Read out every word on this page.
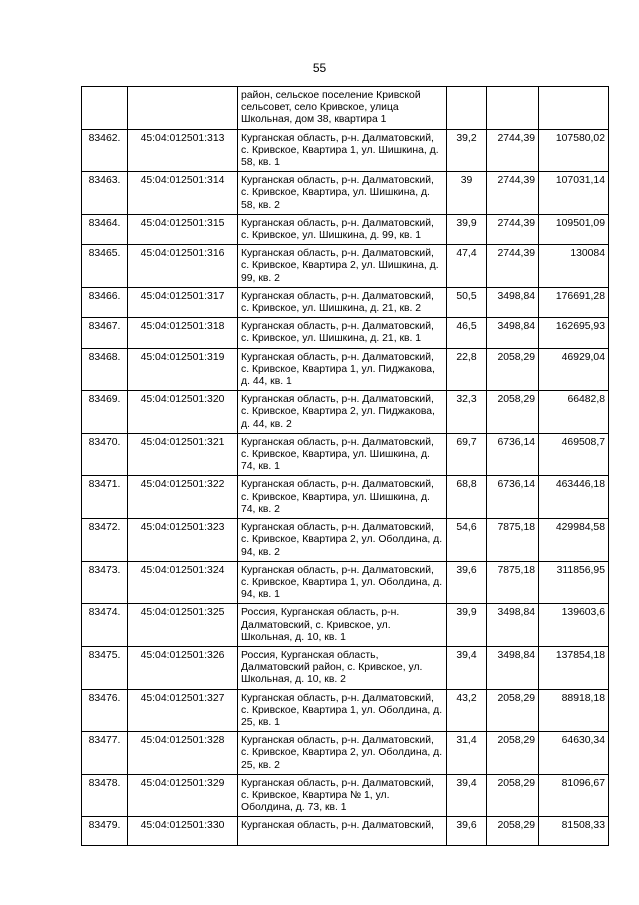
55
		район, сельское поселение Кривской сельсовет, село Кривское, улица Школьная, дом 38, квартира 1			
83462.	45:04:012501:313	Курганская область, р-н. Далматовский, с. Кривское, Квартира 1, ул. Шишкина, д. 58, кв. 1	39,2	2744,39	107580,02
83463.	45:04:012501:314	Курганская область, р-н. Далматовский, с. Кривское, Квартира, ул. Шишкина, д. 58, кв. 2	39	2744,39	107031,14
83464.	45:04:012501:315	Курганская область, р-н. Далматовский, с. Кривское, ул. Шишкина, д. 99, кв. 1	39,9	2744,39	109501,09
83465.	45:04:012501:316	Курганская область, р-н. Далматовский, с. Кривское, Квартира 2, ул. Шишкина, д. 99, кв. 2	47,4	2744,39	130084
83466.	45:04:012501:317	Курганская область, р-н. Далматовский, с. Кривское, ул. Шишкина, д. 21, кв. 2	50,5	3498,84	176691,28
83467.	45:04:012501:318	Курганская область, р-н. Далматовский, с. Кривское, ул. Шишкина, д. 21, кв. 1	46,5	3498,84	162695,93
83468.	45:04:012501:319	Курганская область, р-н. Далматовский, с. Кривское, Квартира 1, ул. Пиджакова, д. 44, кв. 1	22,8	2058,29	46929,04
83469.	45:04:012501:320	Курганская область, р-н. Далматовский, с. Кривское, Квартира 2, ул. Пиджакова, д. 44, кв. 2	32,3	2058,29	66482,8
83470.	45:04:012501:321	Курганская область, р-н. Далматовский, с. Кривское, Квартира, ул. Шишкина, д. 74, кв. 1	69,7	6736,14	469508,7
83471.	45:04:012501:322	Курганская область, р-н. Далматовский, с. Кривское, Квартира, ул. Шишкина, д. 74, кв. 2	68,8	6736,14	463446,18
83472.	45:04:012501:323	Курганская область, р-н. Далматовский, с. Кривское, Квартира 2, ул. Оболдина, д. 94, кв. 2	54,6	7875,18	429984,58
83473.	45:04:012501:324	Курганская область, р-н. Далматовский, с. Кривское, Квартира 1, ул. Оболдина, д. 94, кв. 1	39,6	7875,18	311856,95
83474.	45:04:012501:325	Россия, Курганская область, р-н. Далматовский, с. Кривское, ул. Школьная, д. 10, кв. 1	39,9	3498,84	139603,6
83475.	45:04:012501:326	Россия, Курганская область, Далматовский район, с. Кривское, ул. Школьная, д. 10, кв. 2	39,4	3498,84	137854,18
83476.	45:04:012501:327	Курганская область, р-н. Далматовский, с. Кривское, Квартира 1, ул. Оболдина, д. 25, кв. 1	43,2	2058,29	88918,18
83477.	45:04:012501:328	Курганская область, р-н. Далматовский, с. Кривское, Квартира 2, ул. Оболдина, д. 25, кв. 2	31,4	2058,29	64630,34
83478.	45:04:012501:329	Курганская область, р-н. Далматовский, с. Кривское, Квартира № 1, ул. Оболдина, д. 73, кв. 1	39,4	2058,29	81096,67
83479.	45:04:012501:330	Курганская область, р-н. Далматовский,	39,6	2058,29	81508,33
